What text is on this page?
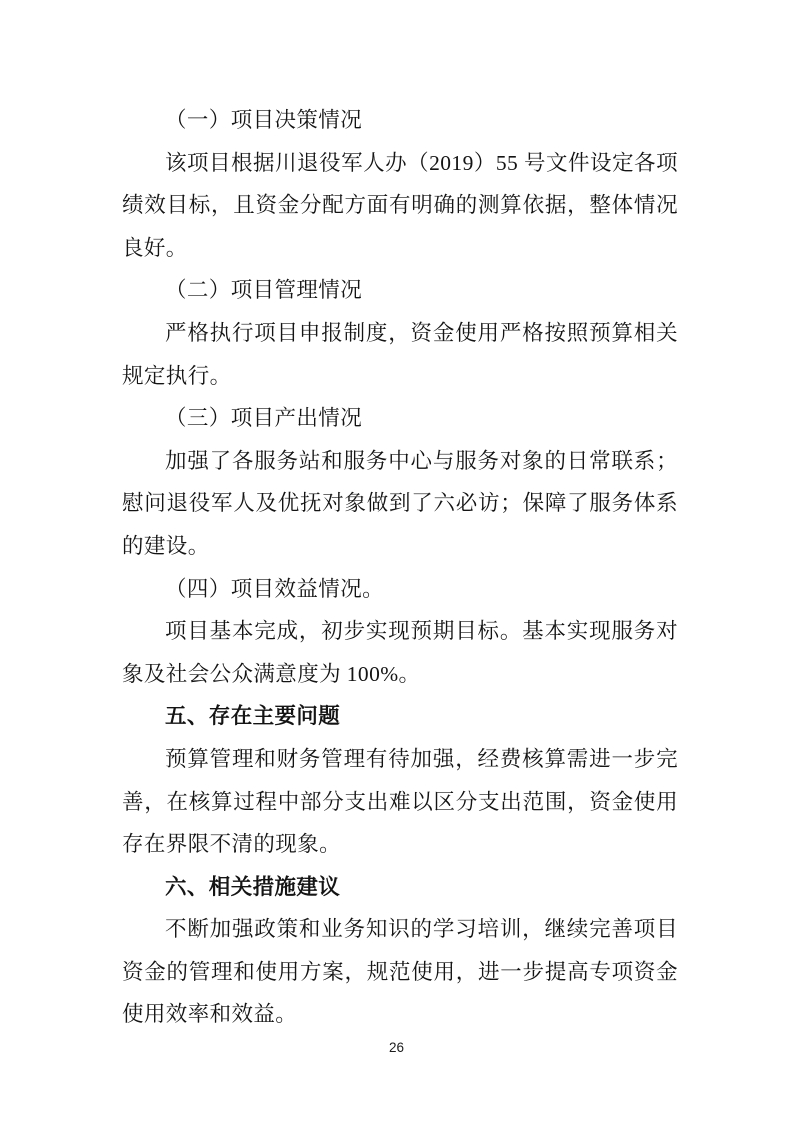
（一）项目决策情况

该项目根据川退役军人办（2019）55 号文件设定各项绩效目标，且资金分配方面有明确的测算依据，整体情况良好。

（二）项目管理情况

严格执行项目申报制度，资金使用严格按照预算相关规定执行。

（三）项目产出情况

加强了各服务站和服务中心与服务对象的日常联系；慰问退役军人及优抚对象做到了六必访；保障了服务体系的建设。

（四）项目效益情况。

项目基本完成，初步实现预期目标。基本实现服务对象及社会公众满意度为 100%。

五、存在主要问题

预算管理和财务管理有待加强，经费核算需进一步完善，在核算过程中部分支出难以区分支出范围，资金使用存在界限不清的现象。

六、相关措施建议

不断加强政策和业务知识的学习培训，继续完善项目资金的管理和使用方案，规范使用，进一步提高专项资金使用效率和效益。

26
